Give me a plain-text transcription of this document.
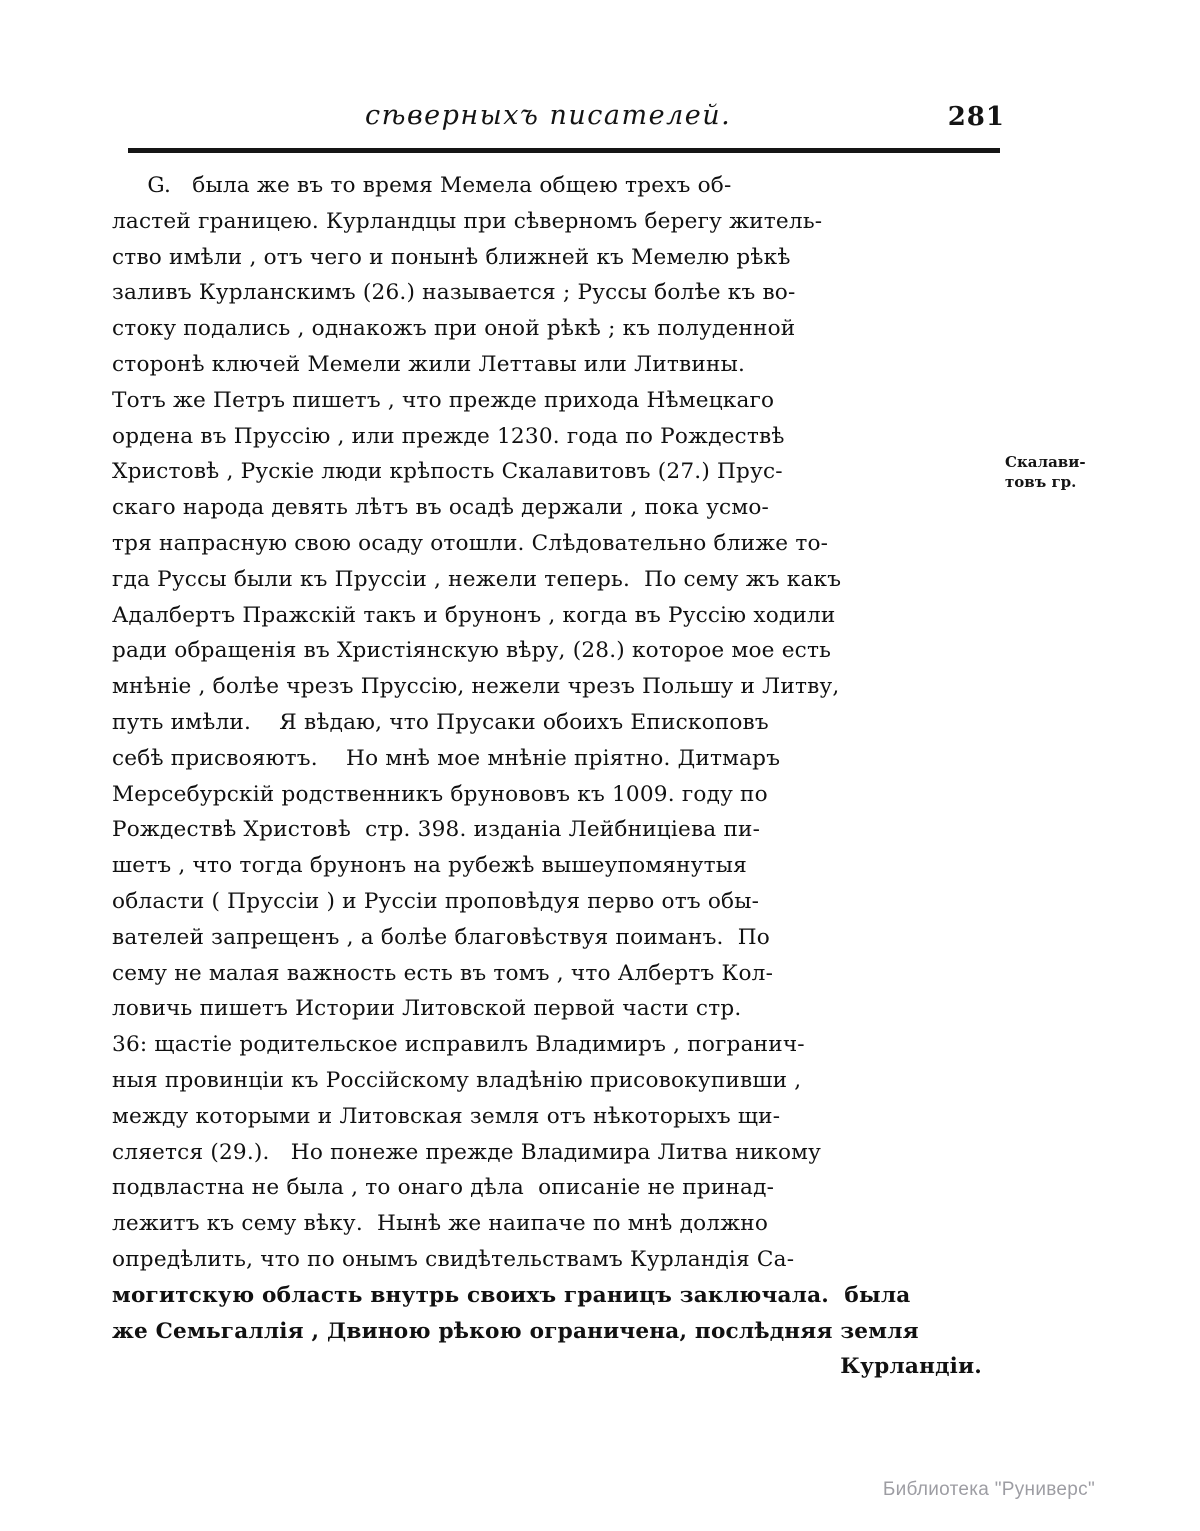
сѣверныхъ писателей.	281

G.   была же въ то время Мемела общею трехъ об-
ластей границею. Курландцы при сѣверномъ берегу житель-
ство имѣли , отъ чего и понынѣ ближней къ Мемелю рѣкѣ
заливъ Курланскимъ (26.) называется ; Руссы болѣе къ во-
стоку подались , однакожъ при оной рѣкѣ ; къ полуденной
сторонѣ ключей Мемели жили Леттавы или Литвины.
Тотъ же Петръ пишетъ , что прежде прихода Нѣмецкаго
ордена въ Пруссію , или прежде 1230. года по Рождествѣ
Христовѣ , Рускіе люди крѣпость Скалавитовъ (27.) Прус-
скаго народа девять лѣтъ въ осадѣ держали , пока усмо-
тря напрасную свою осаду отошли. Слѣдовательно ближе то-
гда Руссы были къ Пруссіи , нежели теперь.  По сему жъ какъ
Адалбертъ Пражскій такъ и брунонъ , когда въ Руссію ходили
ради обращенія въ Христіянскую вѣру, (28.) которое мое есть
мнѣніе , болѣе чрезъ Пруссію, нежели чрезъ Польшу и Литву,
путь имѣли.    Я вѣдаю, что Прусаки обоихъ Епископовъ
себѣ присвояютъ.    Но мнѣ мое мнѣніе пріятно. Дитмаръ
Мерсебурскій родственникъ брунововъ къ 1009. году по
Рождествѣ Христовѣ  стр. 398. изданіа Лейбниціева пи-
шетъ , что тогда брунонъ на рубежѣ вышеупомянутыя
области ( Пруссіи ) и Руссіи проповѣдуя перво отъ обы-
вателей запрещенъ , а болѣе благовѣствуя поиманъ.  По
сему не малая важность есть въ томъ , что Албертъ Кол-
ловичь пишетъ Истории Литовской первой части стр.
36: щастіе родительское исправилъ Владимиръ , погранич-
ныя провинціи къ Россійскому владѣнію присовокупивши ,
между которыми и Литовская земля отъ нѣкоторыхъ щи-
сляется (29.).   Но понеже прежде Владимира Литва никому
подвластна не была , то онаго дѣла  описаніе не принад-
лежитъ къ сему вѣку.  Нынѣ же наипаче по мнѣ должно
опредѣлить, что по онымъ свидѣтельствамъ Курландія Са-
могитскую область внутрь своихъ границъ заключала.  была
же Семьгаллія , Двиною рѣкою ограничена, послѣдняя земля
Курландіи.

Скалави-
товъ гр.
Библиотека "Руниверс"
